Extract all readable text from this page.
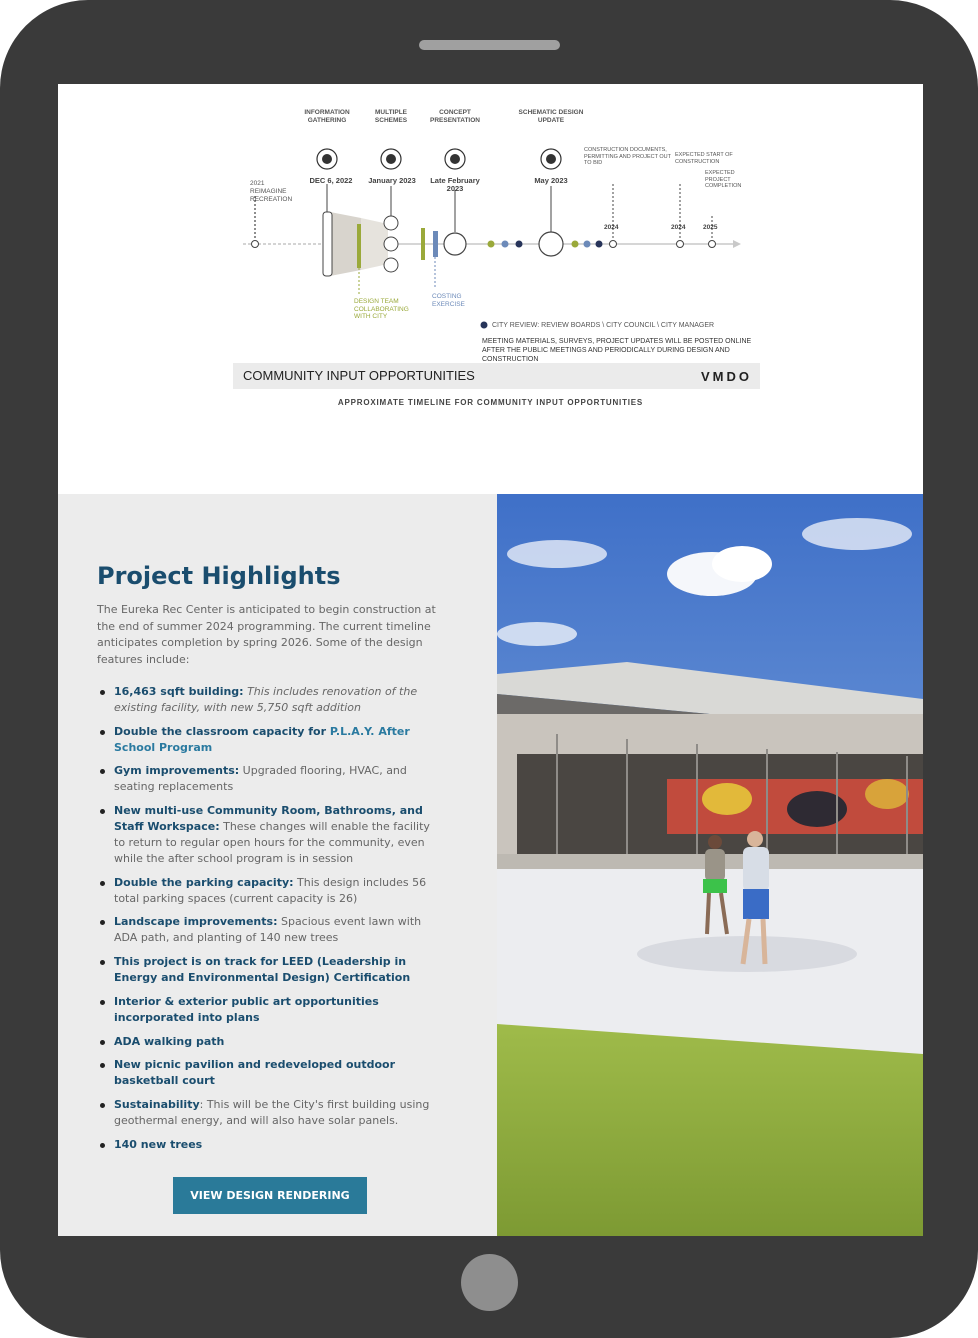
INFORMATION GATHERING
MULTIPLE SCHEMES
CONCEPT PRESENTATION
SCHEMATIC DESIGN UPDATE
DEC 6, 2022	January 2023	Late February 2023
May 2023
2021
REIMAGINE RECREATION
CONSTRUCTION DOCUMENTS, PERMITTING AND PROJECT OUT TO BID
EXPECTED START OF CONSTRUCTION
EXPECTED PROJECT COMPLETION
2024	2024	2025
DESIGN TEAM COLLABORATING WITH CITY
COSTING EXERCISE
CITY REVIEW: REVIEW BOARDS \ CITY COUNCIL \ CITY MANAGER
MEETING MATERIALS, SURVEYS, PROJECT UPDATES WILL BE POSTED ONLINE AFTER THE PUBLIC MEETINGS AND PERIODICALLY DURING DESIGN AND CONSTRUCTION
COMMUNITY INPUT OPPORTUNITIES	VMDO
APPROXIMATE TIMELINE FOR COMMUNITY INPUT OPPORTUNITIES
Project Highlights
The Eureka Rec Center is anticipated to begin construction at the end of summer 2024 programming. The current timeline anticipates completion by spring 2026. Some of the design features include:
16,463 sqft building: This includes renovation of the existing facility, with new 5,750 sqft addition
Double the classroom capacity for P.L.A.Y. After School Program
Gym improvements: Upgraded flooring, HVAC, and seating replacements
New multi-use Community Room, Bathrooms, and Staff Workspace: These changes will enable the facility to return to regular open hours for the community, even while the after school program is in session
Double the parking capacity: This design includes 56 total parking spaces (current capacity is 26)
Landscape improvements: Spacious event lawn with ADA path, and planting of 140 new trees
This project is on track for LEED (Leadership in Energy and Environmental Design) Certification
Interior & exterior public art opportunities incorporated into plans
ADA walking path
New picnic pavilion and redeveloped outdoor basketball court
Sustainability: This will be the City's first building using geothermal energy, and will also have solar panels.
140 new trees
VIEW DESIGN RENDERING
